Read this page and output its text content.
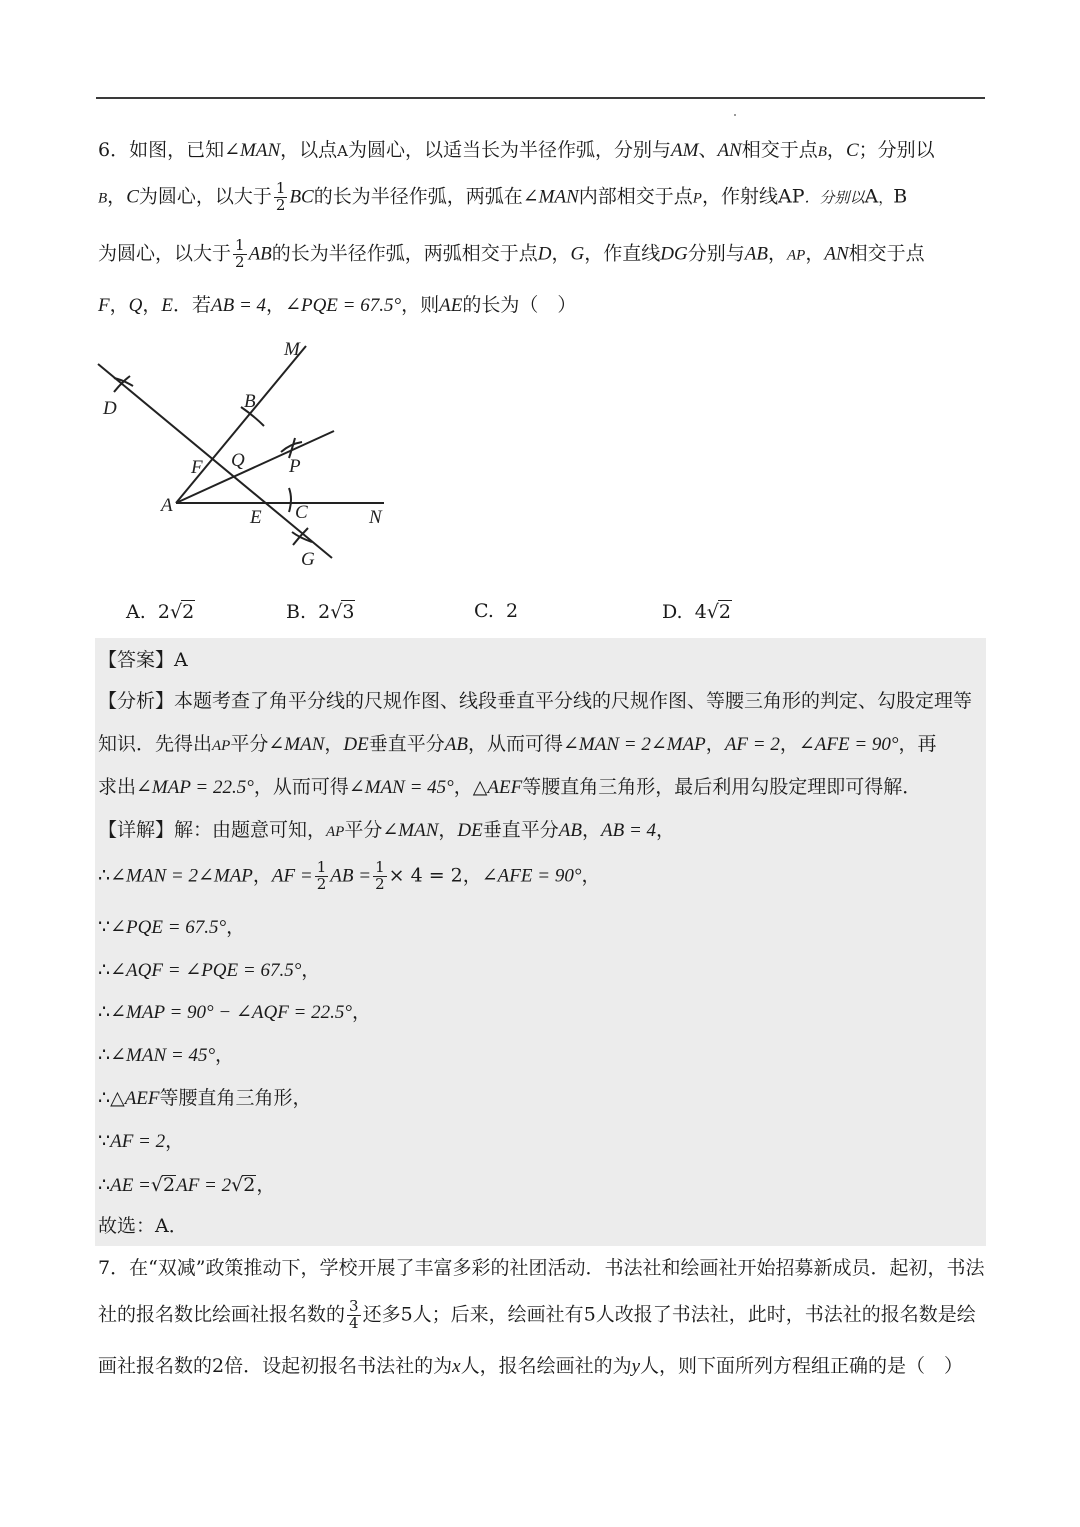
6．如图，已知∠MAN，以点A为圆心，以适当长为半径作弧，分别与AM、AN相交于点B，C；分别以
B，C为圆心，以大于 $\frac{1}{2}$ BC的长为半径作弧，两弧在∠MAN内部相交于点P，作射线AP．分别以A，B
为圆心，以大于 $\frac{1}{2}$ AB的长为半径作弧，两弧相交于点D，G，作直线DG分别与AB，AP，AN相交于点
F，Q，E．若AB = 4，∠PQE = 67.5°，则AE的长为（　）
M
B
D
F Q P
A
E C	N
G
A. 2√2	B. 2√3	C. 2	D. 4√2
【答案】A
【分析】本题考查了角平分线的尺规作图、线段垂直平分线的尺规作图、等腰三角形的判定、勾股定理等
知识．先得出AP平分∠MAN，DE垂直平分AB，从而可得∠MAN = 2∠MAP，AF = 2，∠AFE = 90°，再
求出∠MAP = 22.5°，从而可得∠MAN = 45°，△AEF等腰直角三角形，最后利用勾股定理即可得解．
【详解】解：由题意可知，AP平分∠MAN，DE垂直平分AB，AB = 4，
∴∠MAN = 2∠MAP，AF = $\frac{1}{2}$ AB = $\frac{1}{2} \times 4 = 2$，∠AFE = 90°，
∵∠PQE = 67.5°，
∴∠AQF = ∠PQE = 67.5°，
∴∠MAP = 90° − ∠AQF = 22.5°，
∴∠MAN = 45°，
∴△AEF等腰直角三角形，
∵AF = 2，
∴AE =√2AF = 2√2，
故选：A．
7．在“双减”政策推动下，学校开展了丰富多彩的社团活动．书法社和绘画社开始招募新成员．起初，书法
社的报名数比绘画社报名数的 $\frac{3}{4}$ 还多5人；后来，绘画社有5人改报了书法社，此时，书法社的报名数是绘
画社报名数的2倍．设起初报名书法社的为x人，报名绘画社的为y人，则下面所列方程组正确的是（　）
